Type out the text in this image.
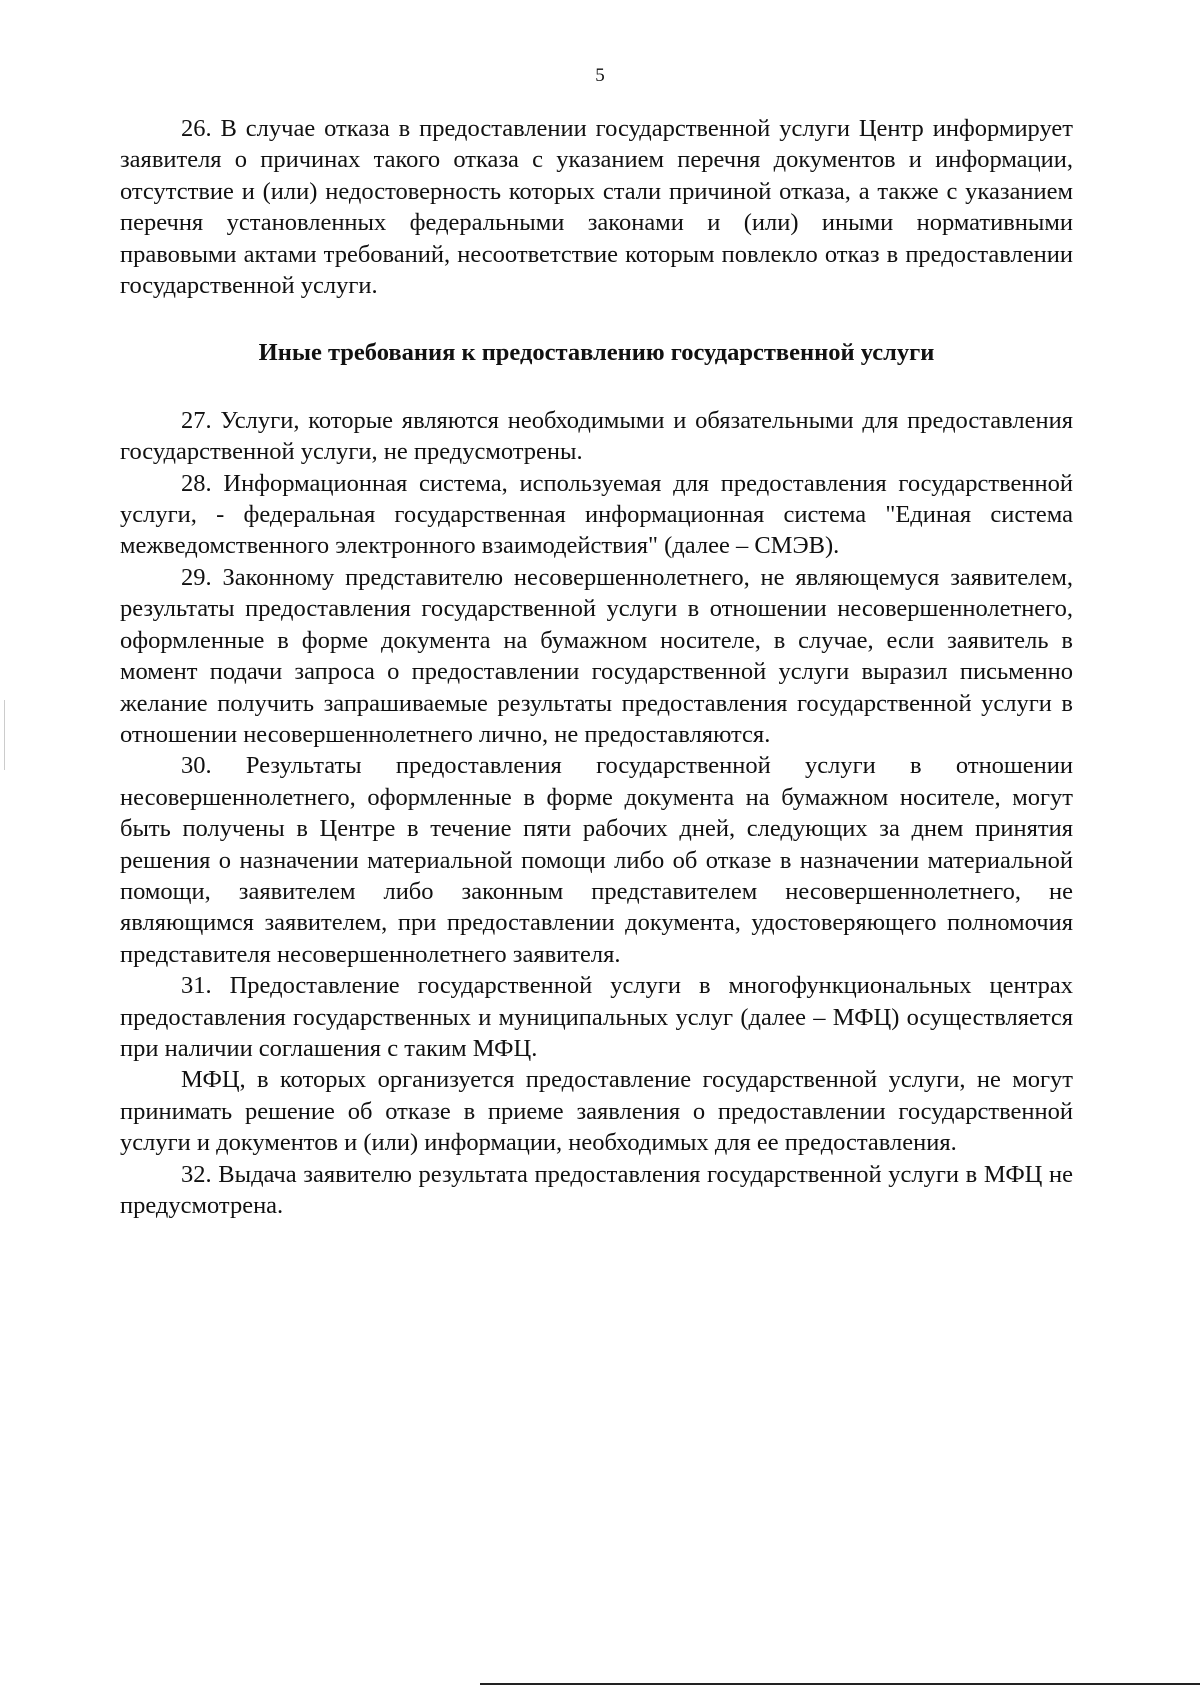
5

26. В случае отказа в предоставлении государственной услуги Центр информирует заявителя о причинах такого отказа с указанием перечня документов и информации, отсутствие и (или) недостоверность которых стали причиной отказа, а также с указанием перечня установленных федеральными законами и (или) иными нормативными правовыми актами требований, несоответствие которым повлекло отказ в предоставлении государственной услуги.

Иные требования к предоставлению государственной услуги

27. Услуги, которые являются необходимыми и обязательными для предоставления государственной услуги, не предусмотрены.

28. Информационная система, используемая для предоставления государственной услуги, - федеральная государственная информационная система "Единая система межведомственного электронного взаимодействия" (далее – СМЭВ).

29. Законному представителю несовершеннолетнего, не являющемуся заявителем, результаты предоставления государственной услуги в отношении несовершеннолетнего, оформленные в форме документа на бумажном носителе, в случае, если заявитель в момент подачи запроса о предоставлении государственной услуги выразил письменно желание получить запрашиваемые результаты предоставления государственной услуги в отношении несовершеннолетнего лично, не предоставляются.

30. Результаты предоставления государственной услуги в отношении несовершеннолетнего, оформленные в форме документа на бумажном носителе, могут быть получены в Центре в течение пяти рабочих дней, следующих за днем принятия решения о назначении материальной помощи либо об отказе в назначении материальной помощи, заявителем либо законным представителем несовершеннолетнего, не являющимся заявителем, при предоставлении документа, удостоверяющего полномочия представителя несовершеннолетнего заявителя.

31. Предоставление государственной услуги в многофункциональных центрах предоставления государственных и муниципальных услуг (далее – МФЦ) осуществляется при наличии соглашения с таким МФЦ.

МФЦ, в которых организуется предоставление государственной услуги, не могут принимать решение об отказе в приеме заявления о предоставлении государственной услуги и документов и (или) информации, необходимых для ее предоставления.

32. Выдача заявителю результата предоставления государственной услуги в МФЦ не предусмотрена.
